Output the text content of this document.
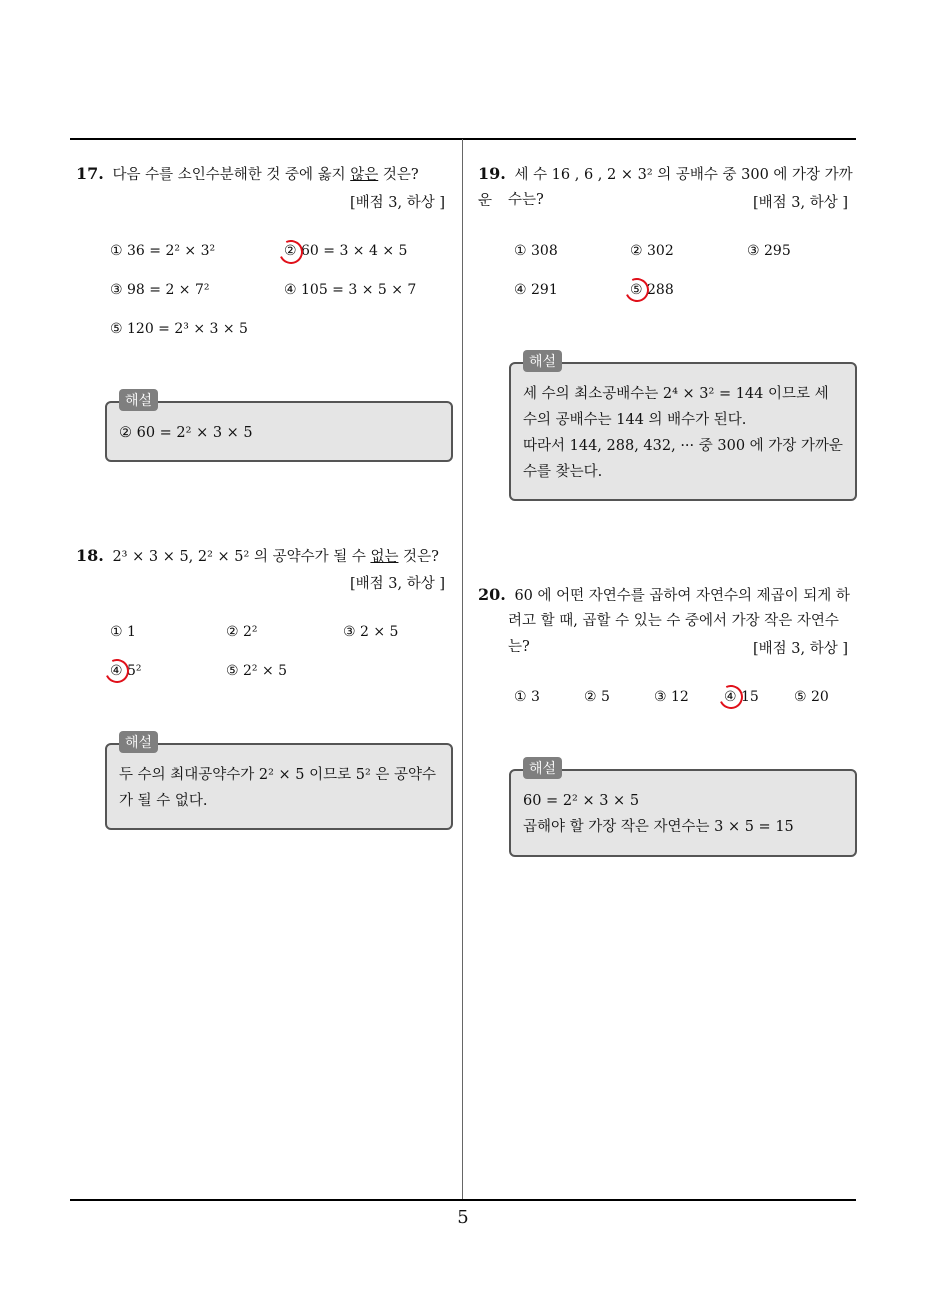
5
17. 다음 수를 소인수분해한 것 중에 옳지 않은 것은?
[배점 3, 하상 ]
① 36 = 2² × 3²	② 60 = 3 × 4 × 5
③ 98 = 2 × 7²	④ 105 = 3 × 5 × 7
⑤ 120 = 2³ × 3 × 5
해설
② 60 = 2² × 3 × 5
18. 2³ × 3 × 5, 2² × 5² 의 공약수가 될 수 없는 것은?
[배점 3, 하상 ]
① 1	② 2²	③ 2 × 5
④ 5²	⑤ 2² × 5
해설
두 수의 최대공약수가 2² × 5 이므로 5² 은 공약수
가 될 수 없다.
19. 세 수 16 , 6 , 2 × 3² 의 공배수 중 300 에 가장 가까운	수는?	[배점 3, 하상 ]
① 308	② 302	③ 295
④ 291	⑤ 288
해설
세 수의 최소공배수는 2⁴ × 3² = 144 이므로 세
수의 공배수는 144 의 배수가 된다.
따라서 144, 288, 432, ··· 중 300 에 가장 가까운
수를 찾는다.
20. 60 에 어떤 자연수를 곱하여 자연수의 제곱이 되게 하
려고 할 때, 곱할 수 있는 수 중에서 가장 작은 자연수
는?	[배점 3, 하상 ]
① 3	② 5	③ 12	④ 15	⑤ 20
해설
60 = 2² × 3 × 5
곱해야 할 가장 작은 자연수는 3 × 5 = 15
